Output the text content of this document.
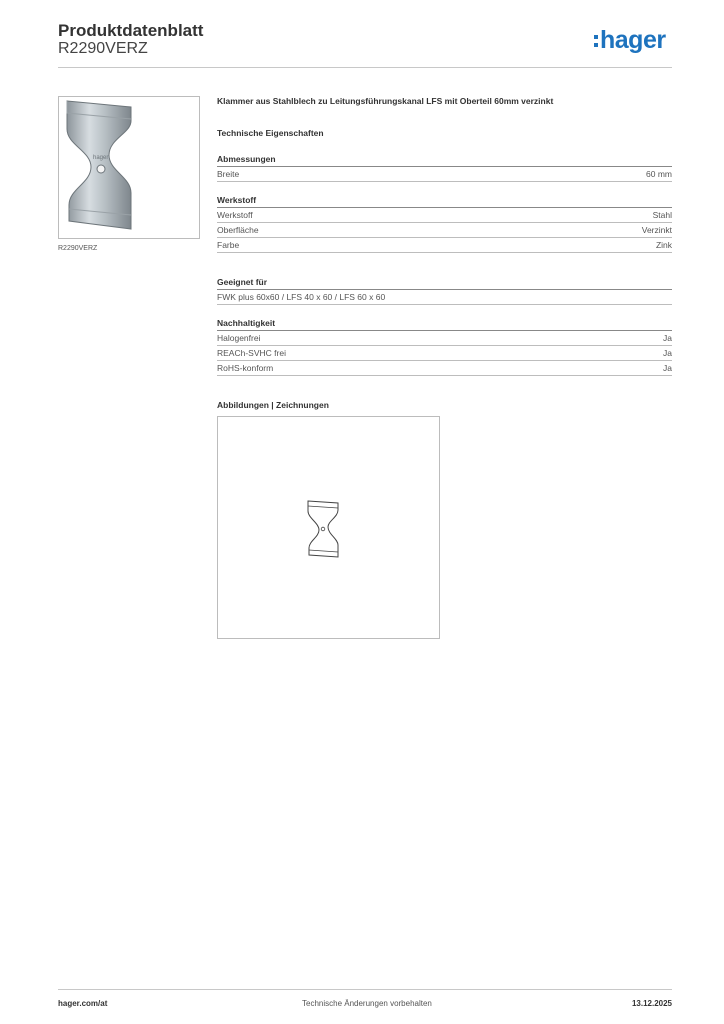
Produktdatenblatt
R2290VERZ	hager
hager
R2290VERZ
Klammer aus Stahlblech zu Leitungsführungskanal LFS mit Oberteil 60mm verzinkt
Technische Eigenschaften
Abmessungen
Breite	60 mm
Werkstoff
Werkstoff	Stahl
Oberfläche	Verzinkt
Farbe	Zink
Geeignet für
FWK plus 60x60 / LFS 40 x 60 / LFS 60 x 60
Nachhaltigkeit
Halogenfrei	Ja
REACh-SVHC frei	Ja
RoHS-konform	Ja
Abbildungen | Zeichnungen
hager.com/at	Technische Änderungen vorbehalten	13.12.2025
